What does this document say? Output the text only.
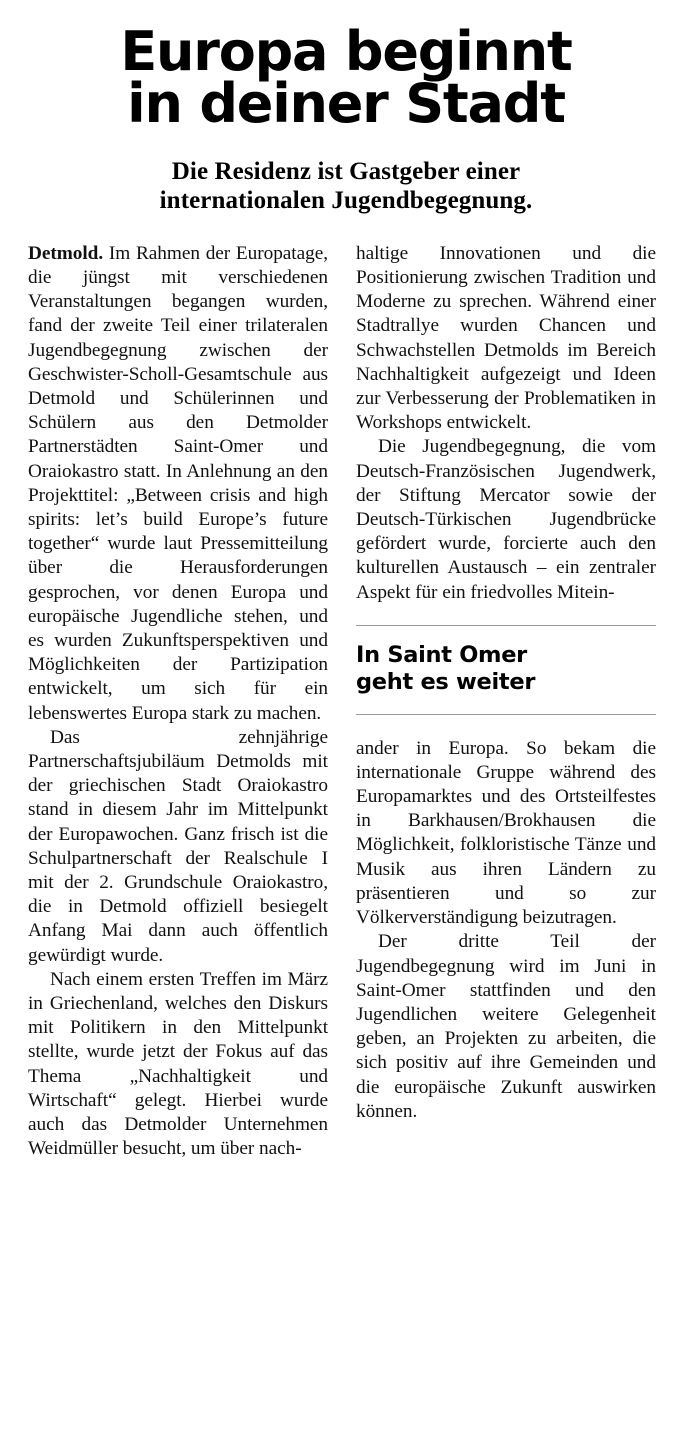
Europa beginnt
in deiner Stadt
Die Residenz ist Gastgeber einer
internationalen Jugendbegegnung.

Detmold. Im Rahmen der Europatage, die jüngst mit verschiedenen Veranstaltungen begangen wurden, fand der zweite Teil einer trilateralen Jugendbegegnung zwischen der Geschwister-Scholl-Gesamtschule aus Detmold und Schülerinnen und Schülern aus den Detmolder Partnerstädten Saint-Omer und Oraiokastro statt. In Anlehnung an den Projekttitel: „Between crisis and high spirits: let’s build Europe’s future together“ wurde laut Pressemitteilung über die Herausforderungen gesprochen, vor denen Europa und europäische Jugendliche stehen, und es wurden Zukunftsperspektiven und Möglichkeiten der Partizipation entwickelt, um sich für ein lebenswertes Europa stark zu machen.

Das zehnjährige Partnerschaftsjubiläum Detmolds mit der griechischen Stadt Oraiokastro stand in diesem Jahr im Mittelpunkt der Europawochen. Ganz frisch ist die Schulpartnerschaft der Realschule I mit der 2. Grundschule Oraiokastro, die in Detmold offiziell besiegelt Anfang Mai dann auch öffentlich gewürdigt wurde.

Nach einem ersten Treffen im März in Griechenland, welches den Diskurs mit Politikern in den Mittelpunkt stellte, wurde jetzt der Fokus auf das Thema „Nachhaltigkeit und Wirtschaft“ gelegt. Hierbei wurde auch das Detmolder Unternehmen Weidmüller besucht, um über nach-

haltige Innovationen und die Positionierung zwischen Tradition und Moderne zu sprechen. Während einer Stadtrallye wurden Chancen und Schwachstellen Detmolds im Bereich Nachhaltigkeit aufgezeigt und Ideen zur Verbesserung der Problematiken in Workshops entwickelt.

Die Jugendbegegnung, die vom Deutsch-Französischen Jugendwerk, der Stiftung Mercator sowie der Deutsch-Türkischen Jugendbrücke gefördert wurde, forcierte auch den kulturellen Austausch – ein zentraler Aspekt für ein friedvolles Mitein-

In Saint Omer
geht es weiter

ander in Europa. So bekam die internationale Gruppe während des Europamarktes und des Ortsteilfestes in Barkhausen/Brokhausen die Möglichkeit, folkloristische Tänze und Musik aus ihren Ländern zu präsentieren und so zur Völkerverständigung beizutragen.

Der dritte Teil der Jugendbegegnung wird im Juni in Saint-Omer stattfinden und den Jugendlichen weitere Gelegenheit geben, an Projekten zu arbeiten, die sich positiv auf ihre Gemeinden und die europäische Zukunft auswirken können.
